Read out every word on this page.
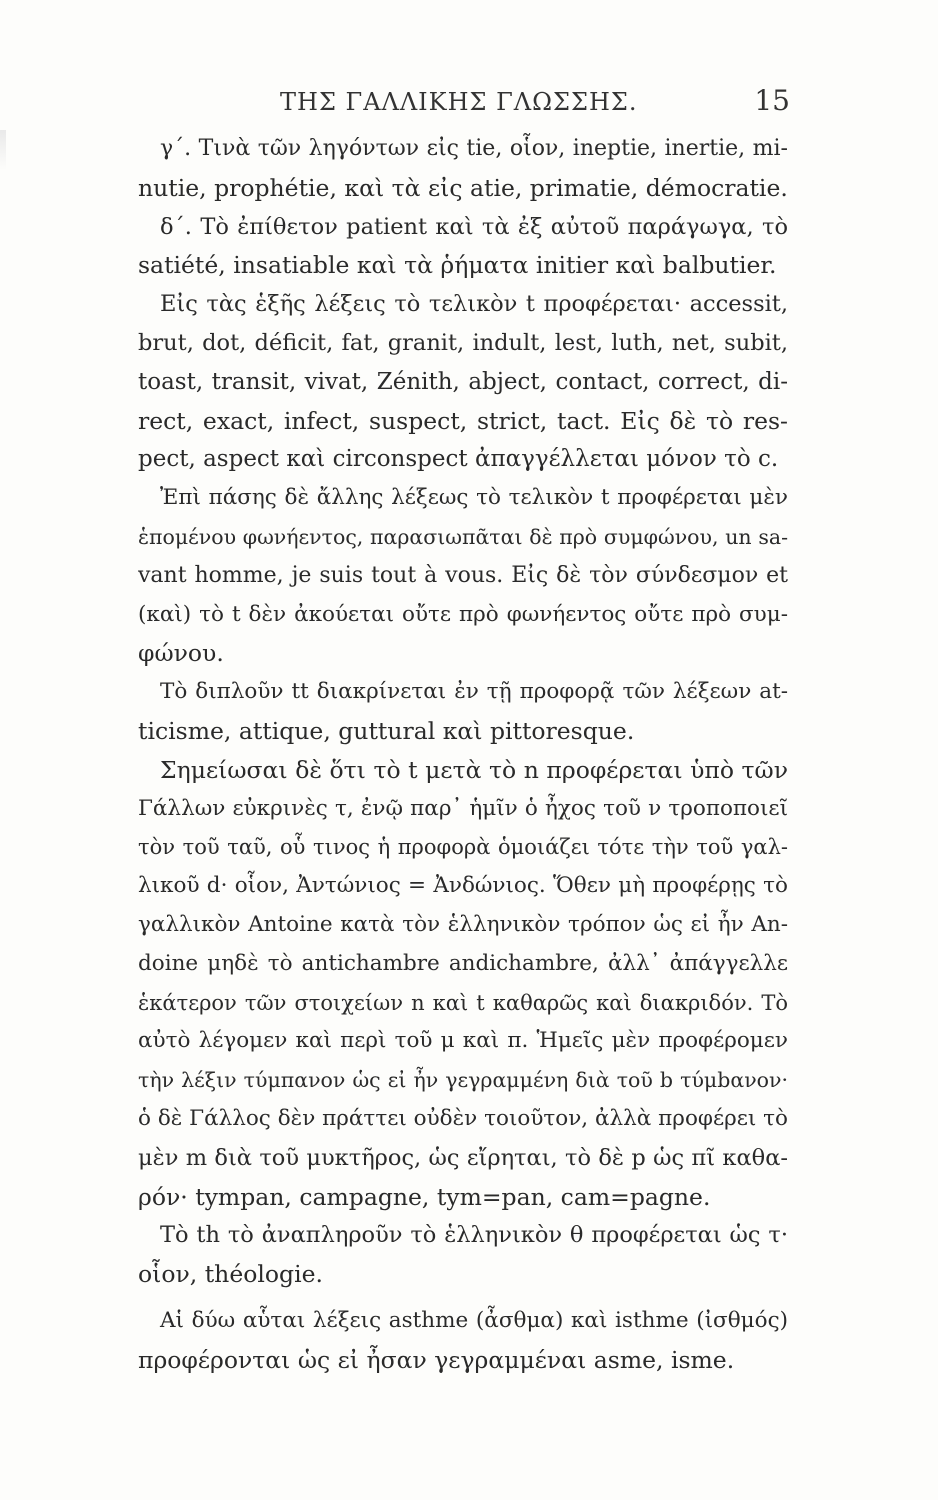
ΤΗΣ ΓΑΛΛΙΚΗΣ ΓΛΩΣΣΗΣ.	15
γ΄. Τινὰ τῶν ληγόντων εἰς tie, οἷον, ineptie, inertie, mi-
nutie, prophétie, καὶ τὰ εἰς atie, primatie, démocratie.
δ΄. Τὸ ἐπίθετον patient καὶ τὰ ἐξ αὐτοῦ παράγωγα, τὸ
satiété, insatiable καὶ τὰ ῥήματα initier καὶ balbutier.
Εἰς τὰς ἑξῆς λέξεις τὸ τελικὸν t προφέρεται· accessit,
brut, dot, déficit, fat, granit, indult, lest, luth, net, subit,
toast, transit, vivat, Zénith, abject, contact, correct, di-
rect, exact, infect, suspect, strict, tact. Εἰς δὲ τὸ res-
pect, aspect καὶ circonspect ἀπαγγέλλεται μόνον τὸ c.
Ἐπὶ πάσης δὲ ἄλλης λέξεως τὸ τελικὸν t προφέρεται μὲν
ἑπομένου φωνήεντος, παρασιωπᾶται δὲ πρὸ συμφώνου, un sa-
vant homme, je suis tout à vous. Εἰς δὲ τὸν σύνδεσμον et
(καὶ) τὸ t δὲν ἀκούεται οὔτε πρὸ φωνήεντος οὔτε πρὸ συμ-
φώνου.
Τὸ διπλοῦν tt διακρίνεται ἐν τῇ προφορᾷ τῶν λέξεων at-
ticisme, attique, guttural καὶ pittoresque.
Σημείωσαι δὲ ὅτι τὸ t μετὰ τὸ n προφέρεται ὑπὸ τῶν
Γάλλων εὐκρινὲς τ, ἐνῷ παρ᾽ ἡμῖν ὁ ἦχος τοῦ ν τροποποιεῖ
τὸν τοῦ ταῦ, οὗ τινος ἡ προφορὰ ὁμοιάζει τότε τὴν τοῦ γαλ-
λικοῦ d· οἷον, Ἀντώνιος = Ἀνδώνιος. Ὅθεν μὴ προφέρῃς τὸ
γαλλικὸν Antoine κατὰ τὸν ἑλληνικὸν τρόπον ὡς εἰ ἦν An-
doine μηδὲ τὸ antichambre andichambre, ἀλλ᾽ ἀπάγγελλε
ἑκάτερον τῶν στοιχείων n καὶ t καθαρῶς καὶ διακριδόν. Τὸ
αὐτὸ λέγομεν καὶ περὶ τοῦ μ καὶ π. Ἡμεῖς μὲν προφέρομεν
τὴν λέξιν τύμπανον ὡς εἰ ἦν γεγραμμένη διὰ τοῦ b τύμbανον·
ὁ δὲ Γάλλος δὲν πράττει οὐδὲν τοιοῦτον, ἀλλὰ προφέρει τὸ
μὲν m διὰ τοῦ μυκτῆρος, ὡς εἴρηται, τὸ δὲ p ὡς πῖ καθα-
ρόν· tympan, campagne, tym=pan, cam=pagne.
Τὸ th τὸ ἀναπληροῦν τὸ ἑλληνικὸν θ προφέρεται ὡς τ·
οἷον, théologie.
Αἱ δύω αὗται λέξεις asthme (ἆσθμα) καὶ isthme (ἰσθμός)
προφέρονται ὡς εἰ ἦσαν γεγραμμέναι asme, isme.
